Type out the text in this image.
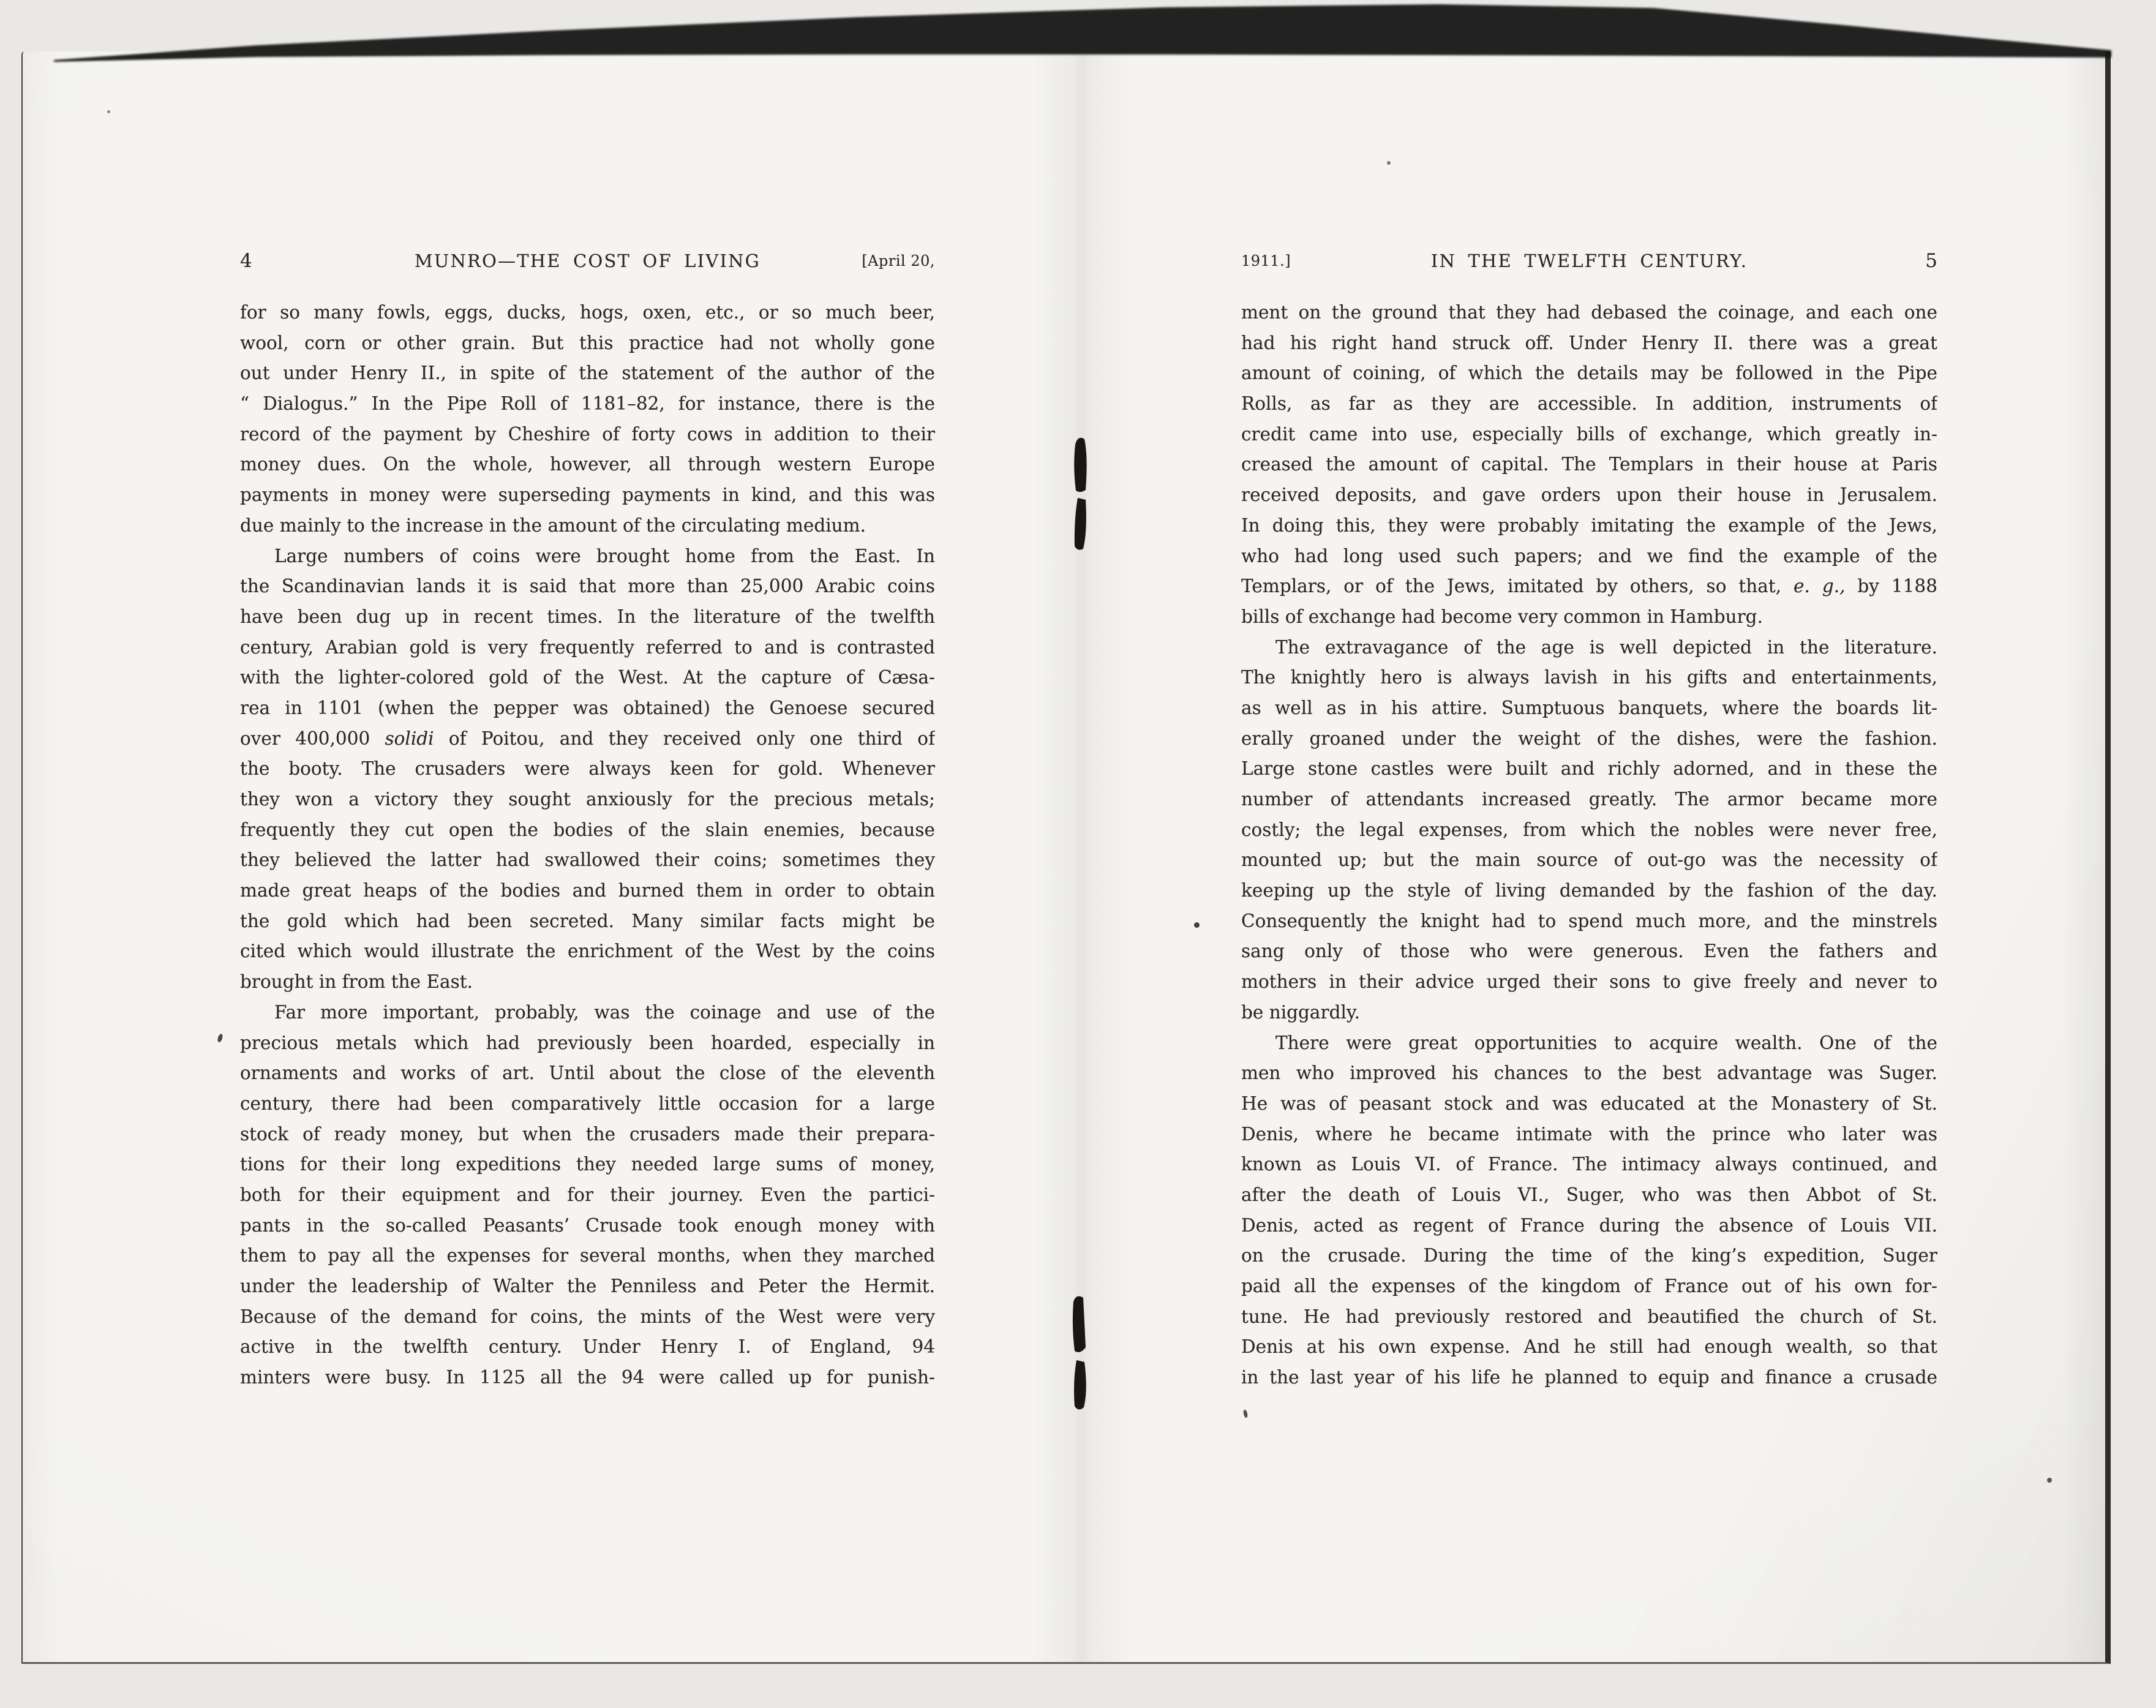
4	MUNRO—THE COST OF LIVING	[April 20,
for so many fowls, eggs, ducks, hogs, oxen, etc., or so much beer,
wool, corn or other grain. But this practice had not wholly gone
out under Henry II., in spite of the statement of the author of the
“ Dialogus.” In the Pipe Roll of 1181–82, for instance, there is the
record of the payment by Cheshire of forty cows in addition to their
money dues. On the whole, however, all through western Europe
payments in money were superseding payments in kind, and this was
due mainly to the increase in the amount of the circulating medium.
Large numbers of coins were brought home from the East. In
the Scandinavian lands it is said that more than 25,000 Arabic coins
have been dug up in recent times. In the literature of the twelfth
century, Arabian gold is very frequently referred to and is contrasted
with the lighter-colored gold of the West. At the capture of Cæsa-
rea in 1101 (when the pepper was obtained) the Genoese secured
over 400,000 solidi of Poitou, and they received only one third of
the booty. The crusaders were always keen for gold. Whenever
they won a victory they sought anxiously for the precious metals;
frequently they cut open the bodies of the slain enemies, because
they believed the latter had swallowed their coins; sometimes they
made great heaps of the bodies and burned them in order to obtain
the gold which had been secreted. Many similar facts might be
cited which would illustrate the enrichment of the West by the coins
brought in from the East.
Far more important, probably, was the coinage and use of the
precious metals which had previously been hoarded, especially in
ornaments and works of art. Until about the close of the eleventh
century, there had been comparatively little occasion for a large
stock of ready money, but when the crusaders made their prepara-
tions for their long expeditions they needed large sums of money,
both for their equipment and for their journey. Even the partici-
pants in the so-called Peasants’ Crusade took enough money with
them to pay all the expenses for several months, when they marched
under the leadership of Walter the Penniless and Peter the Hermit.
Because of the demand for coins, the mints of the West were very
active in the twelfth century. Under Henry I. of England, 94
minters were busy. In 1125 all the 94 were called up for punish-
1911.]	IN THE TWELFTH CENTURY.	5
ment on the ground that they had debased the coinage, and each one
had his right hand struck off. Under Henry II. there was a great
amount of coining, of which the details may be followed in the Pipe
Rolls, as far as they are accessible. In addition, instruments of
credit came into use, especially bills of exchange, which greatly in-
creased the amount of capital. The Templars in their house at Paris
received deposits, and gave orders upon their house in Jerusalem.
In doing this, they were probably imitating the example of the Jews,
who had long used such papers; and we find the example of the
Templars, or of the Jews, imitated by others, so that, e. g., by 1188
bills of exchange had become very common in Hamburg.
The extravagance of the age is well depicted in the literature.
The knightly hero is always lavish in his gifts and entertainments,
as well as in his attire. Sumptuous banquets, where the boards lit-
erally groaned under the weight of the dishes, were the fashion.
Large stone castles were built and richly adorned, and in these the
number of attendants increased greatly. The armor became more
costly; the legal expenses, from which the nobles were never free,
mounted up; but the main source of out-go was the necessity of
keeping up the style of living demanded by the fashion of the day.
Consequently the knight had to spend much more, and the minstrels
sang only of those who were generous. Even the fathers and
mothers in their advice urged their sons to give freely and never to
be niggardly.
There were great opportunities to acquire wealth. One of the
men who improved his chances to the best advantage was Suger.
He was of peasant stock and was educated at the Monastery of St.
Denis, where he became intimate with the prince who later was
known as Louis VI. of France. The intimacy always continued, and
after the death of Louis VI., Suger, who was then Abbot of St.
Denis, acted as regent of France during the absence of Louis VII.
on the crusade. During the time of the king’s expedition, Suger
paid all the expenses of the kingdom of France out of his own for-
tune. He had previously restored and beautified the church of St.
Denis at his own expense. And he still had enough wealth, so that
in the last year of his life he planned to equip and finance a crusade
